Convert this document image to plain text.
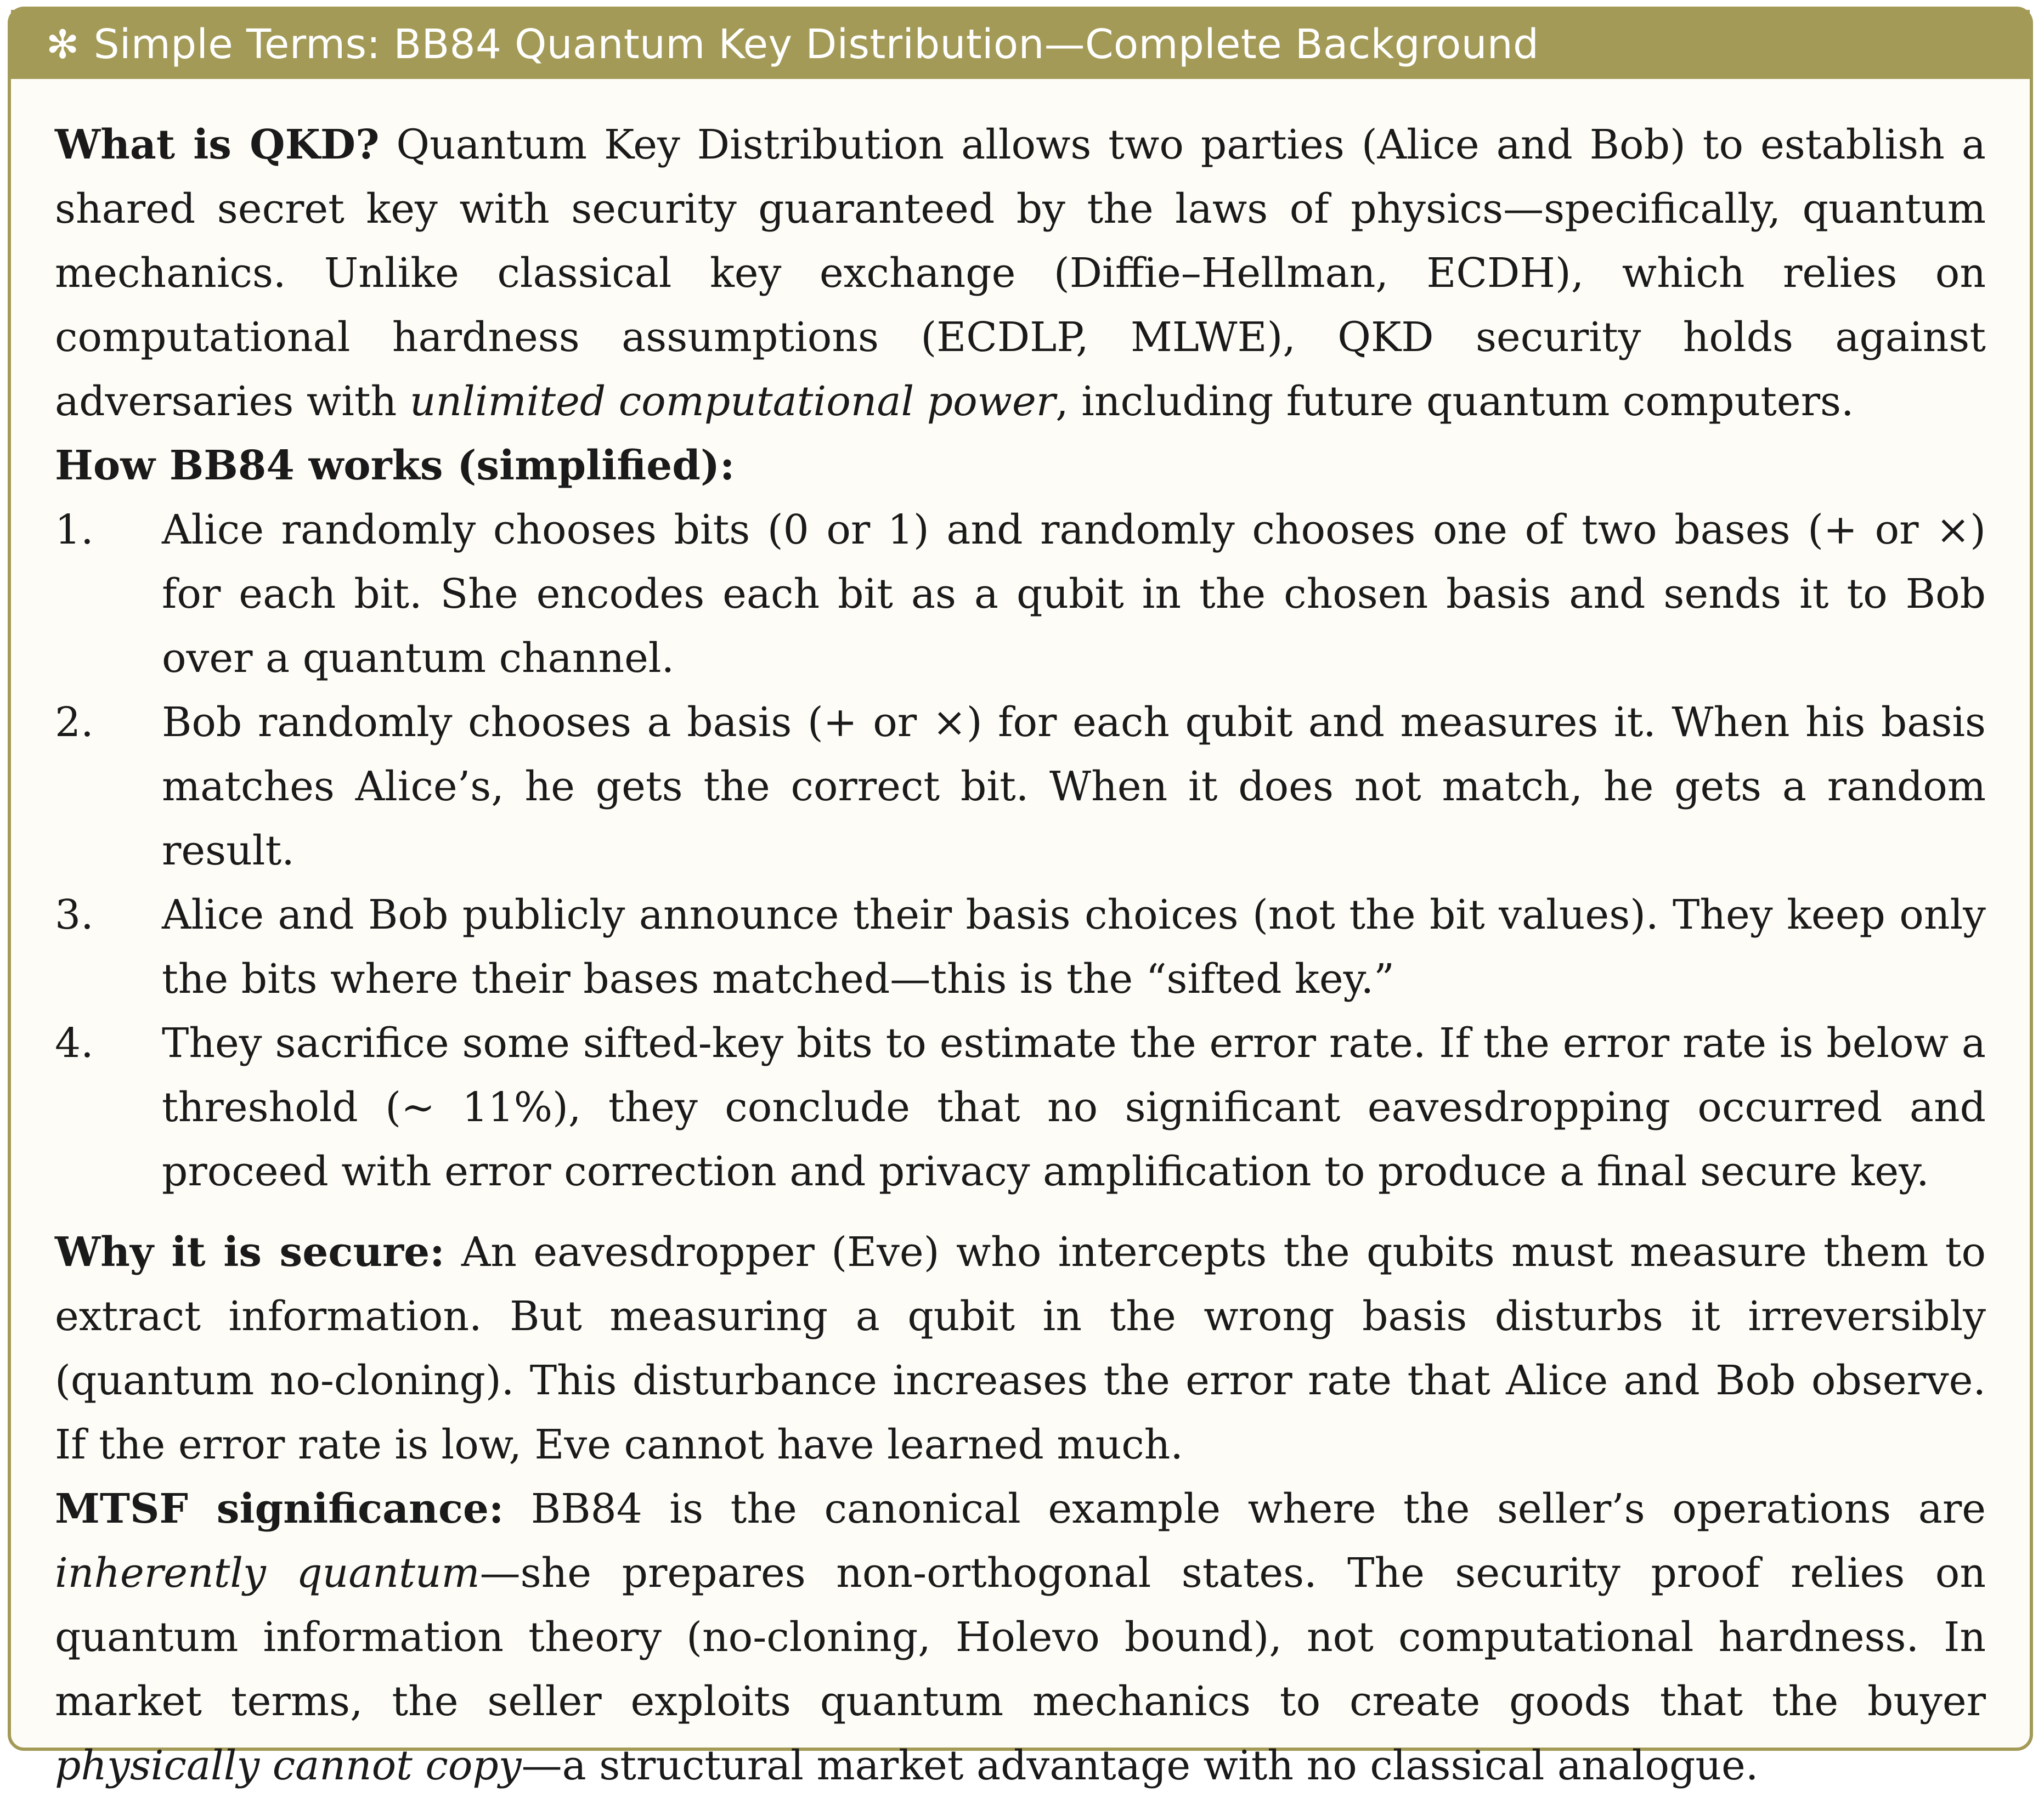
✻ Simple Terms: BB84 Quantum Key Distribution—Complete Background

What is QKD? Quantum Key Distribution allows two parties (Alice and Bob) to establish a shared secret key with security guaranteed by the laws of physics—specifically, quantum mechanics. Unlike classical key exchange (Diffie–Hellman, ECDH), which relies on computational hardness assumptions (ECDLP, MLWE), QKD security holds against adversaries with unlimited computational power, including future quantum computers.

How BB84 works (simplified):

1. Alice randomly chooses bits (0 or 1) and randomly chooses one of two bases (+ or ×) for each bit. She encodes each bit as a qubit in the chosen basis and sends it to Bob over a quantum channel.
2. Bob randomly chooses a basis (+ or ×) for each qubit and measures it. When his basis matches Alice’s, he gets the correct bit. When it does not match, he gets a random result.
3. Alice and Bob publicly announce their basis choices (not the bit values). They keep only the bits where their bases matched—this is the “sifted key.”
4. They sacrifice some sifted-key bits to estimate the error rate. If the error rate is below a threshold (∼ 11%), they conclude that no significant eavesdropping occurred and proceed with error correction and privacy amplification to produce a final secure key.

Why it is secure: An eavesdropper (Eve) who intercepts the qubits must measure them to extract information. But measuring a qubit in the wrong basis disturbs it irreversibly (quantum no-cloning). This disturbance increases the error rate that Alice and Bob observe. If the error rate is low, Eve cannot have learned much.

MTSF significance: BB84 is the canonical example where the seller’s operations are inherently quantum—she prepares non-orthogonal states. The security proof relies on quantum information theory (no-cloning, Holevo bound), not computational hardness. In market terms, the seller exploits quantum mechanics to create goods that the buyer physically cannot copy—a structural market advantage with no classical analogue.
